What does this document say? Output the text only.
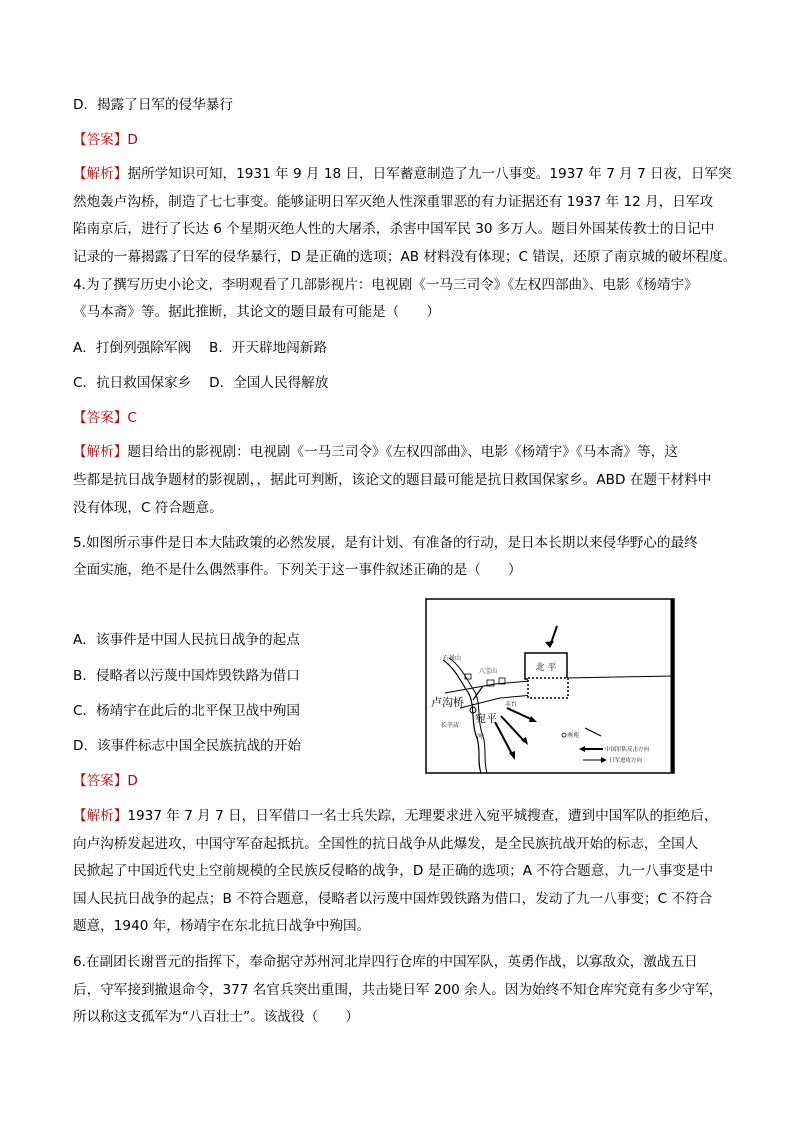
D．揭露了日军的侵华暴行
【答案】D
【解析】据所学知识可知，1931 年 9 月 18 日，日军蓄意制造了九一八事变。1937 年 7 月 7 日夜，日军突
然炮轰卢沟桥，制造了七七事变。能够证明日军灭绝人性深重罪恶的有力证据还有 1937 年 12 月，日军攻
陷南京后，进行了长达 6 个星期灭绝人性的大屠杀，杀害中国军民 30 多万人。题目外国某传教士的日记中
记录的一幕揭露了日军的侵华暴行，D 是正确的选项；AB 材料没有体现；C 错误，还原了南京城的破坏程度。
4.为了撰写历史小论文，李明观看了几部影视片：电视剧《一马三司令》《左权四部曲》、电影《杨靖宇》
《马本斋》等。据此推断，其论文的题目最有可能是（　　）
A．打倒列强除军阀　 B．开天辟地闯新路
C．抗日救国保家乡　 D．全国人民得解放
【答案】C
【解析】题目给出的影视剧：电视剧《一马三司令》《左权四部曲》、电影《杨靖宇》《马本斋》等，这
些都是抗日战争题材的影视剧，，据此可判断，该论文的题目最可能是抗日救国保家乡。ABD 在题干材料中
没有体现，C 符合题意。
5.如图所示事件是日本大陆政策的必然发展，是有计划、有准备的行动，是日本长期以来侵华野心的最终
全面实施，绝不是什么偶然事件。下列关于这一事件叙述正确的是（　　）
A．该事件是中国人民抗日战争的起点
B．侵略者以污蔑中国炸毁铁路为借口
C．杨靖宇在此后的北平保卫战中殉国
D．该事件标志中国全民族抗战的开始
北 平
石景山
八宝山
卢沟桥
宛平
丰台
长辛店
河	南苑
中国军队反击方向
日军进攻方向
【答案】D
【解析】1937 年 7 月 7 日，日军借口一名士兵失踪，无理要求进入宛平城搜查，遭到中国军队的拒绝后，
向卢沟桥发起进攻，中国守军奋起抵抗。全国性的抗日战争从此爆发，是全民族抗战开始的标志，全国人
民掀起了中国近代史上空前规模的全民族反侵略的战争，D 是正确的选项；A 不符合题意，九一八事变是中
国人民抗日战争的起点；B 不符合题意，侵略者以污蔑中国炸毁铁路为借口，发动了九一八事变；C 不符合
题意，1940 年，杨靖宇在东北抗日战争中殉国。
6.在副团长谢晋元的指挥下，奉命据守苏州河北岸四行仓库的中国军队，英勇作战，以寡敌众，激战五日
后，守军接到撤退命令，377 名官兵突出重围，共击毙日军 200 余人。因为始终不知仓库究竟有多少守军，
所以称这支孤军为“八百壮士”。该战役（　　）
